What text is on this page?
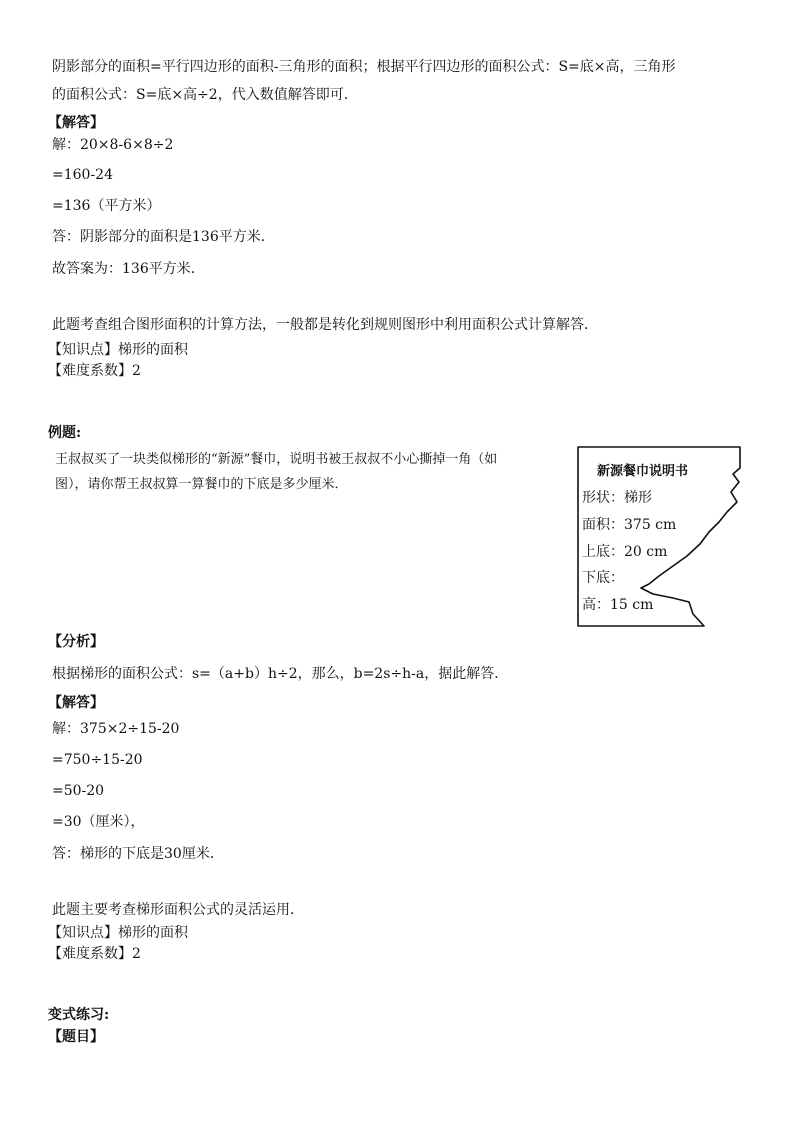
阴影部分的面积=平行四边形的面积-三角形的面积；根据平行四边形的面积公式：S=底×高，三角形
的面积公式：S=底×高÷2，代入数值解答即可．
【解答】
解：20×8-6×8÷2
=160-24
=136（平方米）
答：阴影部分的面积是136平方米．
故答案为：136平方米．
此题考查组合图形面积的计算方法，一般都是转化到规则图形中利用面积公式计算解答．
【知识点】梯形的面积
【难度系数】2
例题:
王叔叔买了一块类似梯形的“新源”餐巾，说明书被王叔叔不小心撕掉一角（如
图），请你帮王叔叔算一算餐巾的下底是多少厘米．
新源餐巾说明书
形状：梯形
面积：375 cm
上底：20 cm
下底：
高：15 cm
【分析】
根据梯形的面积公式：s=（a+b）h÷2，那么，b=2s÷h-a，据此解答．
【解答】
解：375×2÷15-20
=750÷15-20
=50-20
=30（厘米），
答：梯形的下底是30厘米．
此题主要考查梯形面积公式的灵活运用．
【知识点】梯形的面积
【难度系数】2
变式练习:
【题目】
